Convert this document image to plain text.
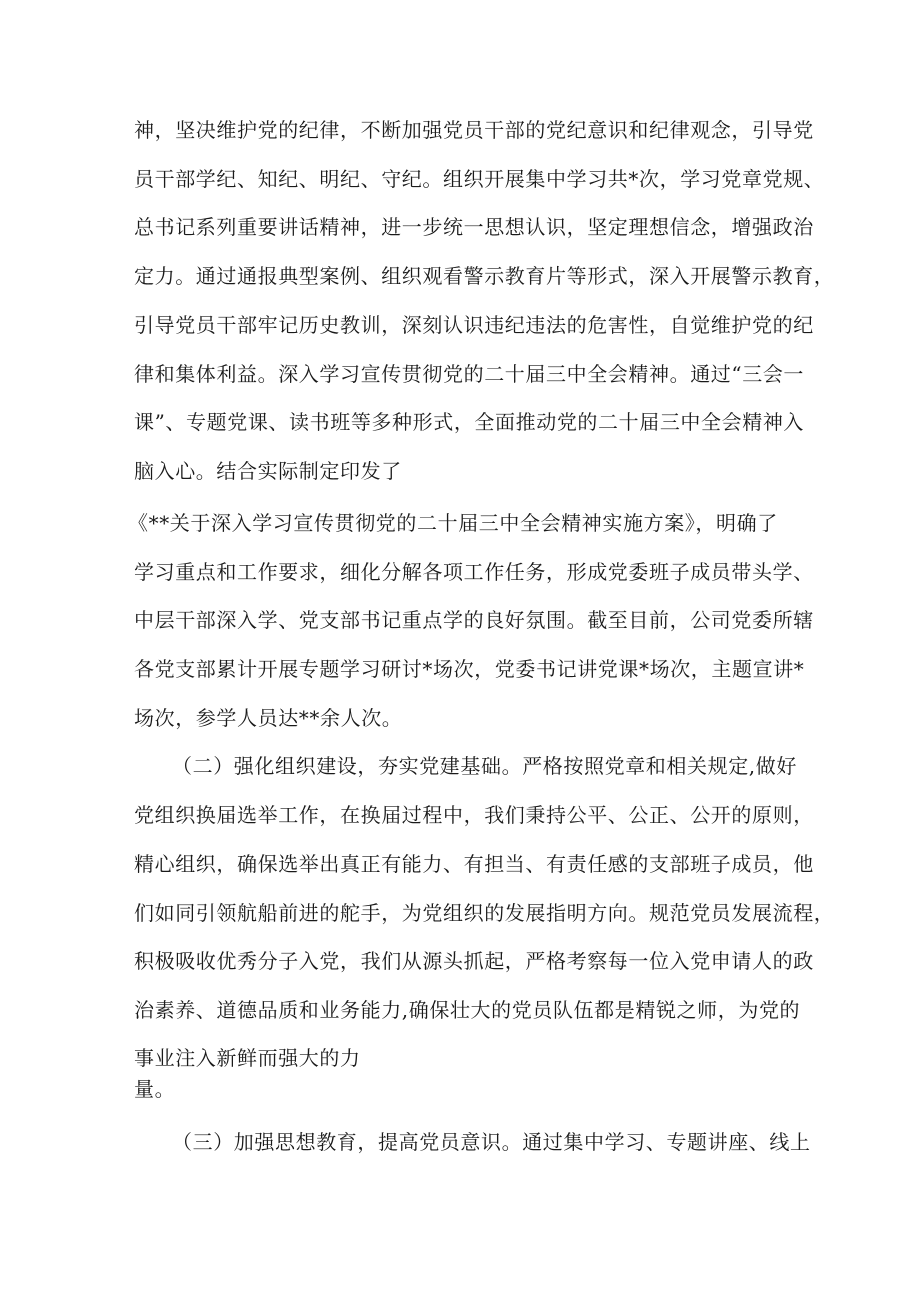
神，坚决维护党的纪律，不断加强党员干部的党纪意识和纪律观念，引导党
员干部学纪、知纪、明纪、守纪。组织开展集中学习共*次，学习党章党规、
总书记系列重要讲话精神，进一步统一思想认识，坚定理想信念，增强政治
定力。通过通报典型案例、组织观看警示教育片等形式，深入开展警示教育，
引导党员干部牢记历史教训，深刻认识违纪违法的危害性，自觉维护党的纪
律和集体利益。深入学习宣传贯彻党的二十届三中全会精神。通过“三会一
课”、专题党课、读书班等多种形式，全面推动党的二十届三中全会精神入
脑入心。结合实际制定印发了
《**关于深入学习宣传贯彻党的二十届三中全会精神实施方案》，明确了
学习重点和工作要求，细化分解各项工作任务，形成党委班子成员带头学、
中层干部深入学、党支部书记重点学的良好氛围。截至目前，公司党委所辖
各党支部累计开展专题学习研讨*场次，党委书记讲党课*场次，主题宣讲*
场次，参学人员达**余人次。
（二）强化组织建设，夯实党建基础。严格按照党章和相关规定,做好
党组织换届选举工作，在换届过程中，我们秉持公平、公正、公开的原则，
精心组织，确保选举出真正有能力、有担当、有责任感的支部班子成员，他
们如同引领航船前进的舵手，为党组织的发展指明方向。规范党员发展流程，
积极吸收优秀分子入党，我们从源头抓起，严格考察每一位入党申请人的政
治素养、道德品质和业务能力,确保壮大的党员队伍都是精锐之师，为党的
事业注入新鲜而强大的力
量。
（三）加强思想教育，提高党员意识。通过集中学习、专题讲座、线上
